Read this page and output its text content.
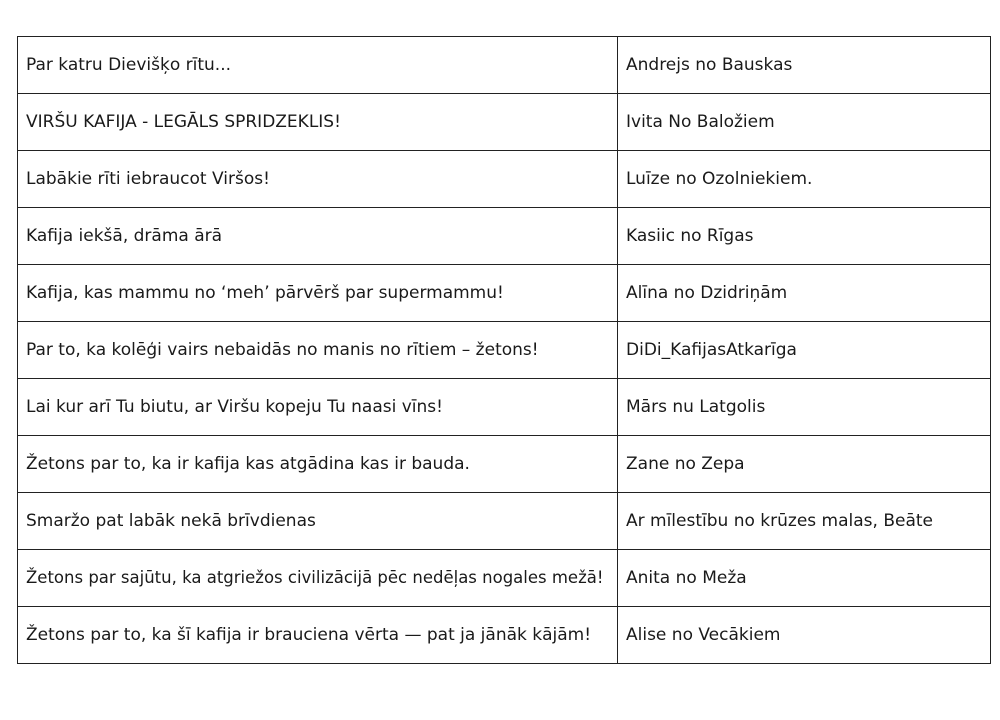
Par katru Dievišķo rītu...	Andrejs no Bauskas
VIRŠU KAFIJA - LEGĀLS SPRIDZEKLIS!	Ivita No Baložiem
Labākie rīti iebraucot Viršos!	Luīze no Ozolniekiem.
Kafija iekšā, drāma ārā	Kasiic no Rīgas
Kafija, kas mammu no ‘meh’ pārvērš par supermammu!	Alīna no Dzidriņām
Par to, ka kolēģi vairs nebaidās no manis no rītiem – žetons!	DiDi_KafijasAtkarīga
Lai kur arī Tu biutu, ar Viršu kopeju Tu naasi vīns!	Mārs nu Latgolis
Žetons par to, ka ir kafija kas atgādina kas ir bauda.	Zane no Zepa
Smaržo pat labāk nekā brīvdienas	Ar mīlestību no krūzes malas, Beāte
Žetons par sajūtu, ka atgriežos civilizācijā pēc nedēļas nogales mežā!	Anita no Meža
Žetons par to, ka šī kafija ir brauciena vērta — pat ja jānāk kājām!	Alise no Vecākiem
